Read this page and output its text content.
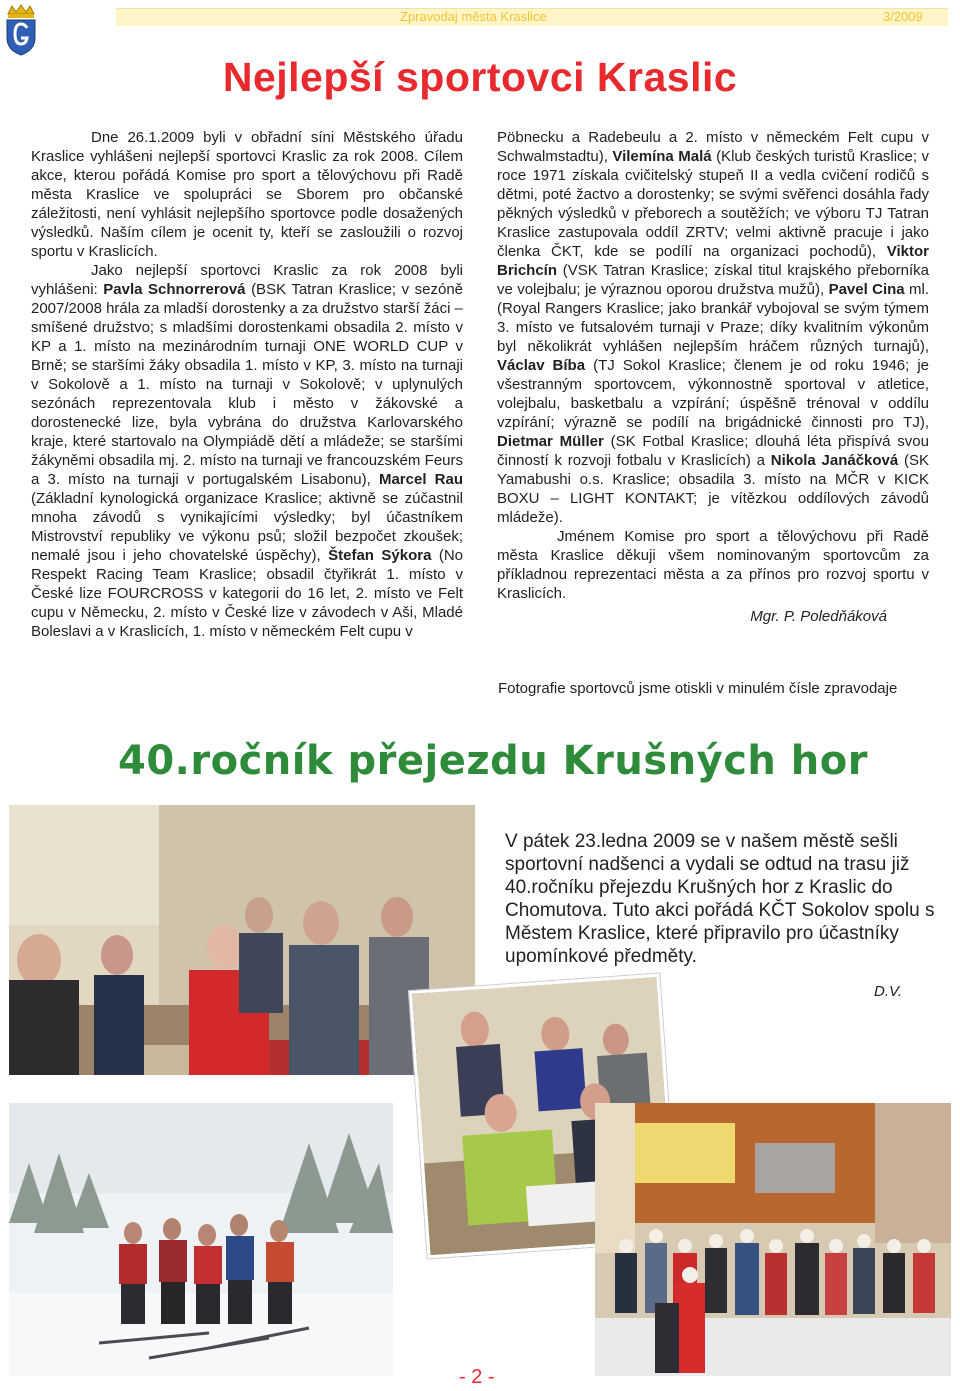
Zpravodaj města Kraslice	3/2009
Nejlepší sportovci Kraslic

Dne 26.1.2009 byli v obřadní síni Městského úřadu Kraslice vyhlášeni nejlepší sportovci Kraslic za rok 2008. Cílem akce, kterou pořádá Komise pro sport a tělovýchovu při Radě města Kraslice ve spolupráci se Sborem pro občanské záležitosti, není vyhlásit nejlepšího sportovce podle dosažených výsledků. Naším cílem je ocenit ty, kteří se zasloužili o rozvoj sportu v Kraslicích.

Jako nejlepší sportovci Kraslic za rok 2008 byli vyhlášeni: Pavla Schnorrerová (BSK Tatran Kraslice; v sezóně 2007/2008 hrála za mladší dorostenky a za družstvo starší žáci – smíšené družstvo; s mladšími dorostenkami obsadila 2. místo v KP a 1. místo na mezinárodním turnaji ONE WORLD CUP v Brně; se staršími žáky obsadila 1. místo v KP, 3. místo na turnaji v Sokolově a 1. místo na turnaji v Sokolově; v uplynulých sezónách reprezentovala klub i město v žákovské a dorostenecké lize, byla vybrána do družstva Karlovarského kraje, které startovalo na Olympiádě dětí a mládeže; se staršími žákyněmi obsadila mj. 2. místo na turnaji ve francouzském Feurs a 3. místo na turnaji v portugalském Lisabonu), Marcel Rau (Základní kynologická organizace Kraslice; aktivně se zúčastnil mnoha závodů s vynikajícími výsledky; byl účastníkem Mistrovství republiky ve výkonu psů; složil bezpočet zkoušek; nemalé jsou i jeho chovatelské úspěchy), Štefan Sýkora (No Respekt Racing Team Kraslice; obsadil čtyřikrát 1. místo v České lize FOURCROSS v kategorii do 16 let, 2. místo ve Felt cupu v Německu, 2. místo v České lize v závodech v Aši, Mladé Boleslavi a v Kraslicích, 1. místo v německém Felt cupu v

Pöbnecku a Radebeulu a 2. místo v německém Felt cupu v Schwalmstadtu), Vilemína Malá (Klub českých turistů Kraslice; v roce 1971 získala cvičitelský stupeň II a vedla cvičení rodičů s dětmi, poté žactvo a dorostenky; se svými svěřenci dosáhla řady pěkných výsledků v přeborech a soutěžích; ve výboru TJ Tatran Kraslice zastupovala oddíl ZRTV; velmi aktivně pracuje i jako členka ČKT, kde se podílí na organizaci pochodů), Viktor Brichcín (VSK Tatran Kraslice; získal titul krajského přeborníka ve volejbalu; je výraznou oporou družstva mužů), Pavel Cina ml. (Royal Rangers Kraslice; jako brankář vybojoval se svým týmem 3. místo ve futsalovém turnaji v Praze; díky kvalitním výkonům byl několikrát vyhlášen nejlepším hráčem různých turnajů), Václav Bíba (TJ Sokol Kraslice; členem je od roku 1946; je všestranným sportovcem, výkonnostně sportoval v atletice, volejbalu, basketbalu a vzpírání; úspěšně trénoval v oddílu vzpírání; výrazně se podílí na brigádnické činnosti pro TJ), Dietmar Müller (SK Fotbal Kraslice; dlouhá léta přispívá svou činností k rozvoji fotbalu v Kraslicích) a Nikola Janáčková (SK Yamabushi o.s. Kraslice; obsadila 3. místo na MČR v KICK BOXU – LIGHT KONTAKT; je vítězkou oddílových závodů mládeže).

Jménem Komise pro sport a tělovýchovu při Radě města Kraslice děkuji všem nominovaným sportovcům za příkladnou reprezentaci města a za přínos pro rozvoj sportu v Kraslicích.

Mgr. P. Poledňáková
Fotografie sportovců jsme otiskli v minulém čísle zpravodaje
40.ročník přejezdu Krušných hor

V pátek 23.ledna 2009 se v našem městě sešli sportovní nadšenci a vydali se odtud na trasu již 40.ročníku přejezdu Krušných hor z Kraslic do Chomutova. Tuto akci pořádá KČT Sokolov spolu s Městem Kraslice, které připravilo pro účastníky upomínkové předměty.

D.V.
- 2 -
